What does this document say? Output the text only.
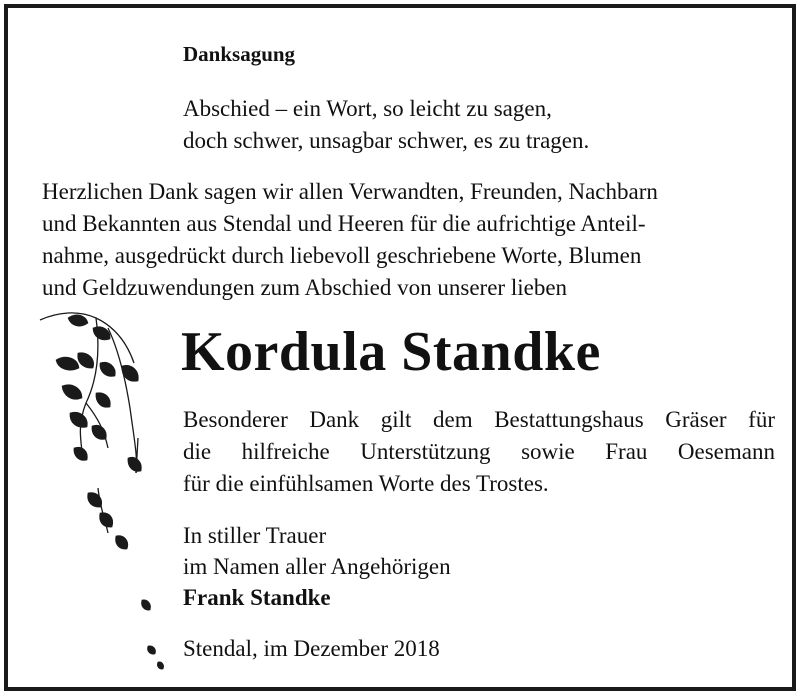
Danksagung

Abschied – ein Wort, so leicht zu sagen,
doch schwer, unsagbar schwer, es zu tragen.
Herzlichen Dank sagen wir allen Verwandten, Freunden, Nachbarn
und Bekannten aus Stendal und Heeren für die aufrichtige Anteil-
nahme, ausgedrückt durch liebevoll geschriebene Worte, Blumen
und Geldzuwendungen zum Abschied von unserer lieben

Kordula Standke

Besonderer Dank gilt dem Bestattungshaus Gräser für
die hilfreiche Unterstützung sowie Frau Oesemann
für die einfühlsamen Worte des Trostes.
In stiller Trauer
im Namen aller Angehörigen
Frank Standke

Stendal, im Dezember 2018
